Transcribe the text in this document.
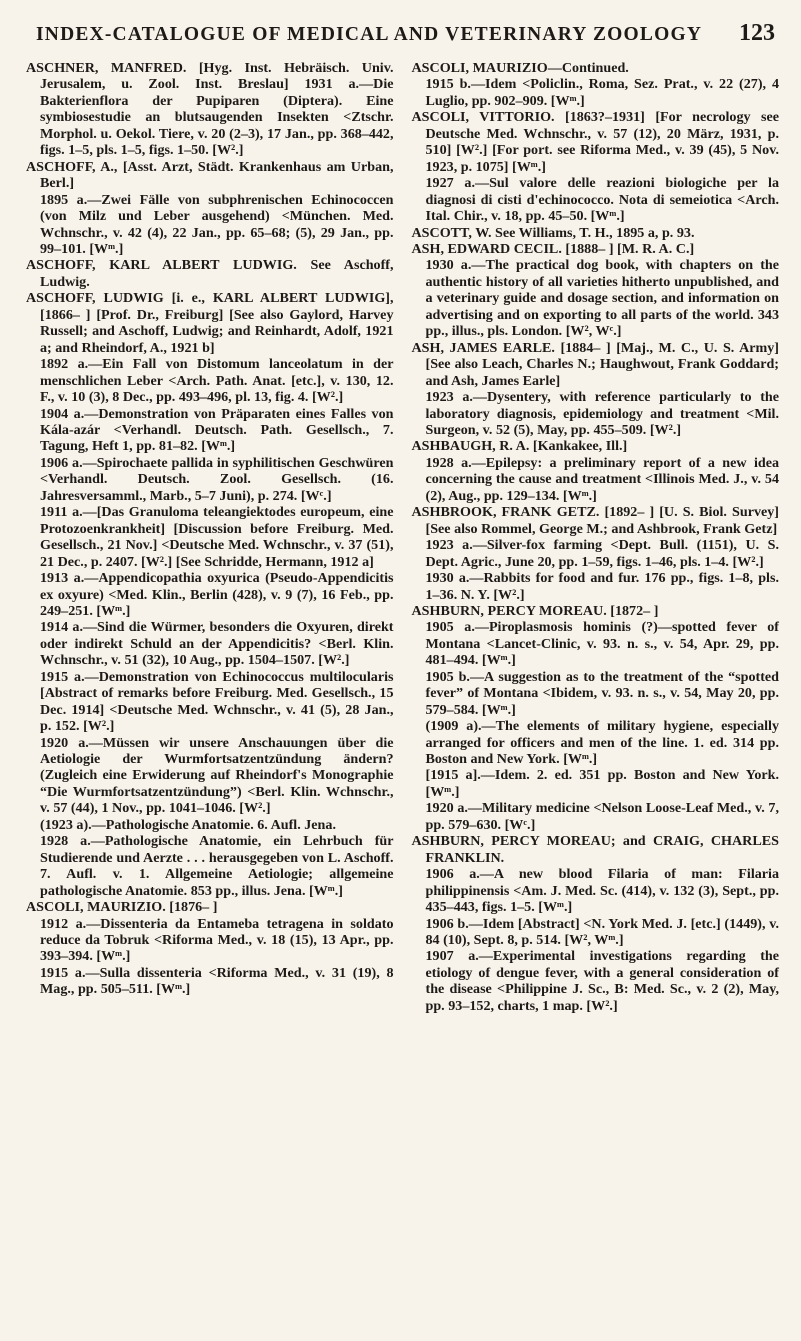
INDEX-CATALOGUE OF MEDICAL AND VETERINARY ZOOLOGY 123

ASCHNER, MANFRED. [Hyg. Inst. Hebräisch. Univ. Jerusalem, u. Zool. Inst. Breslau] 1931 a.—Die Bakterienflora der Pupiparen (Diptera). Eine symbiosestudie an blutsaugenden Insekten <Ztschr. Morphol. u. Oekol. Tiere, v. 20 (2–3), 17 Jan., pp. 368–442, figs. 1–5, pls. 1–5, figs. 1–50. [W².]

ASCHOFF, A., [Asst. Arzt, Städt. Krankenhaus am Urban, Berl.]

1895 a.—Zwei Fälle von subphrenischen Echinococcen (von Milz und Leber ausgehend) <München. Med. Wchnschr., v. 42 (4), 22 Jan., pp. 65–68; (5), 29 Jan., pp. 99–101. [Wᵐ.]

ASCHOFF, KARL ALBERT LUDWIG. See Aschoff, Ludwig.

ASCHOFF, LUDWIG [i. e., KARL ALBERT LUDWIG], [1866– ] [Prof. Dr., Freiburg] [See also Gaylord, Harvey Russell; and Aschoff, Ludwig; and Reinhardt, Adolf, 1921 a; and Rheindorf, A., 1921 b]

1892 a.—Ein Fall von Distomum lanceolatum in der menschlichen Leber <Arch. Path. Anat. [etc.], v. 130, 12. F., v. 10 (3), 8 Dec., pp. 493–496, pl. 13, fig. 4. [W².]

1904 a.—Demonstration von Präparaten eines Falles von Kála-azár <Verhandl. Deutsch. Path. Gesellsch., 7. Tagung, Heft 1, pp. 81–82. [Wᵐ.]

1906 a.—Spirochaete pallida in syphilitischen Geschwüren <Verhandl. Deutsch. Zool. Gesellsch. (16. Jahresversamml., Marb., 5–7 Juni), p. 274. [Wᶜ.]

1911 a.—[Das Granuloma teleangiektodes europeum, eine Protozoenkrankheit] [Discussion before Freiburg. Med. Gesellsch., 21 Nov.] <Deutsche Med. Wchnschr., v. 37 (51), 21 Dec., p. 2407. [W².] [See Schridde, Hermann, 1912 a]

1913 a.—Appendicopathia oxyurica (Pseudo-Appendicitis ex oxyure) <Med. Klin., Berlin (428), v. 9 (7), 16 Feb., pp. 249–251. [Wᵐ.]

1914 a.—Sind die Würmer, besonders die Oxyuren, direkt oder indirekt Schuld an der Appendicitis? <Berl. Klin. Wchnschr., v. 51 (32), 10 Aug., pp. 1504–1507. [W².]

1915 a.—Demonstration von Echinococcus multilocularis [Abstract of remarks before Freiburg. Med. Gesellsch., 15 Dec. 1914] <Deutsche Med. Wchnschr., v. 41 (5), 28 Jan., p. 152. [W².]

1920 a.—Müssen wir unsere Anschauungen über die Aetiologie der Wurmfortsatzentzündung ändern? (Zugleich eine Erwiderung auf Rheindorf's Monographie “Die Wurmfortsatzentzündung”) <Berl. Klin. Wchnschr., v. 57 (44), 1 Nov., pp. 1041–1046. [W².]

(1923 a).—Pathologische Anatomie. 6. Aufl. Jena.

1928 a.—Pathologische Anatomie, ein Lehrbuch für Studierende und Aerzte . . . herausgegeben von L. Aschoff. 7. Aufl. v. 1. Allgemeine Aetiologie; allgemeine pathologische Anatomie. 853 pp., illus. Jena. [Wᵐ.]

ASCOLI, MAURIZIO. [1876– ]

1912 a.—Dissenteria da Entameba tetragena in soldato reduce da Tobruk <Riforma Med., v. 18 (15), 13 Apr., pp. 393–394. [Wᵐ.]

1915 a.—Sulla dissenteria <Riforma Med., v. 31 (19), 8 Mag., pp. 505–511. [Wᵐ.]

ASCOLI, MAURIZIO—Continued.

1915 b.—Idem <Policlin., Roma, Sez. Prat., v. 22 (27), 4 Luglio, pp. 902–909. [Wᵐ.]

ASCOLI, VITTORIO. [1863?–1931] [For necrology see Deutsche Med. Wchnschr., v. 57 (12), 20 März, 1931, p. 510] [W².] [For port. see Riforma Med., v. 39 (45), 5 Nov. 1923, p. 1075] [Wᵐ.]

1927 a.—Sul valore delle reazioni biologiche per la diagnosi di cisti d'echinococco. Nota di semeiotica <Arch. Ital. Chir., v. 18, pp. 45–50. [Wᵐ.]

ASCOTT, W. See Williams, T. H., 1895 a, p. 93.

ASH, EDWARD CECIL. [1888– ] [M. R. A. C.]

1930 a.—The practical dog book, with chapters on the authentic history of all varieties hitherto unpublished, and a veterinary guide and dosage section, and information on advertising and on exporting to all parts of the world. 343 pp., illus., pls. London. [W², Wᶜ.]

ASH, JAMES EARLE. [1884– ] [Maj., M. C., U. S. Army] [See also Leach, Charles N.; Haughwout, Frank Goddard; and Ash, James Earle]

1923 a.—Dysentery, with reference particularly to the laboratory diagnosis, epidemiology and treatment <Mil. Surgeon, v. 52 (5), May, pp. 455–509. [W².]

ASHBAUGH, R. A. [Kankakee, Ill.]

1928 a.—Epilepsy: a preliminary report of a new idea concerning the cause and treatment <Illinois Med. J., v. 54 (2), Aug., pp. 129–134. [Wᵐ.]

ASHBROOK, FRANK GETZ. [1892– ] [U. S. Biol. Survey] [See also Rommel, George M.; and Ashbrook, Frank Getz]

1923 a.—Silver-fox farming <Dept. Bull. (1151), U. S. Dept. Agric., June 20, pp. 1–59, figs. 1–46, pls. 1–4. [W².]

1930 a.—Rabbits for food and fur. 176 pp., figs. 1–8, pls. 1–36. N. Y. [W².]

ASHBURN, PERCY MOREAU. [1872– ]

1905 a.—Piroplasmosis hominis (?)—spotted fever of Montana <Lancet-Clinic, v. 93. n. s., v. 54, Apr. 29, pp. 481–494. [Wᵐ.]

1905 b.—A suggestion as to the treatment of the “spotted fever” of Montana <Ibidem, v. 93. n. s., v. 54, May 20, pp. 579–584. [Wᵐ.]

(1909 a).—The elements of military hygiene, especially arranged for officers and men of the line. 1. ed. 314 pp. Boston and New York. [Wᵐ.]

[1915 a].—Idem. 2. ed. 351 pp. Boston and New York. [Wᵐ.]

1920 a.—Military medicine <Nelson Loose-Leaf Med., v. 7, pp. 579–630. [Wᶜ.]

ASHBURN, PERCY MOREAU; and CRAIG, CHARLES FRANKLIN.

1906 a.—A new blood Filaria of man: Filaria philippinensis <Am. J. Med. Sc. (414), v. 132 (3), Sept., pp. 435–443, figs. 1–5. [Wᵐ.]

1906 b.—Idem [Abstract] <N. York Med. J. [etc.] (1449), v. 84 (10), Sept. 8, p. 514. [W², Wᵐ.]

1907 a.—Experimental investigations regarding the etiology of dengue fever, with a general consideration of the disease <Philippine J. Sc., B: Med. Sc., v. 2 (2), May, pp. 93–152, charts, 1 map. [W².]
